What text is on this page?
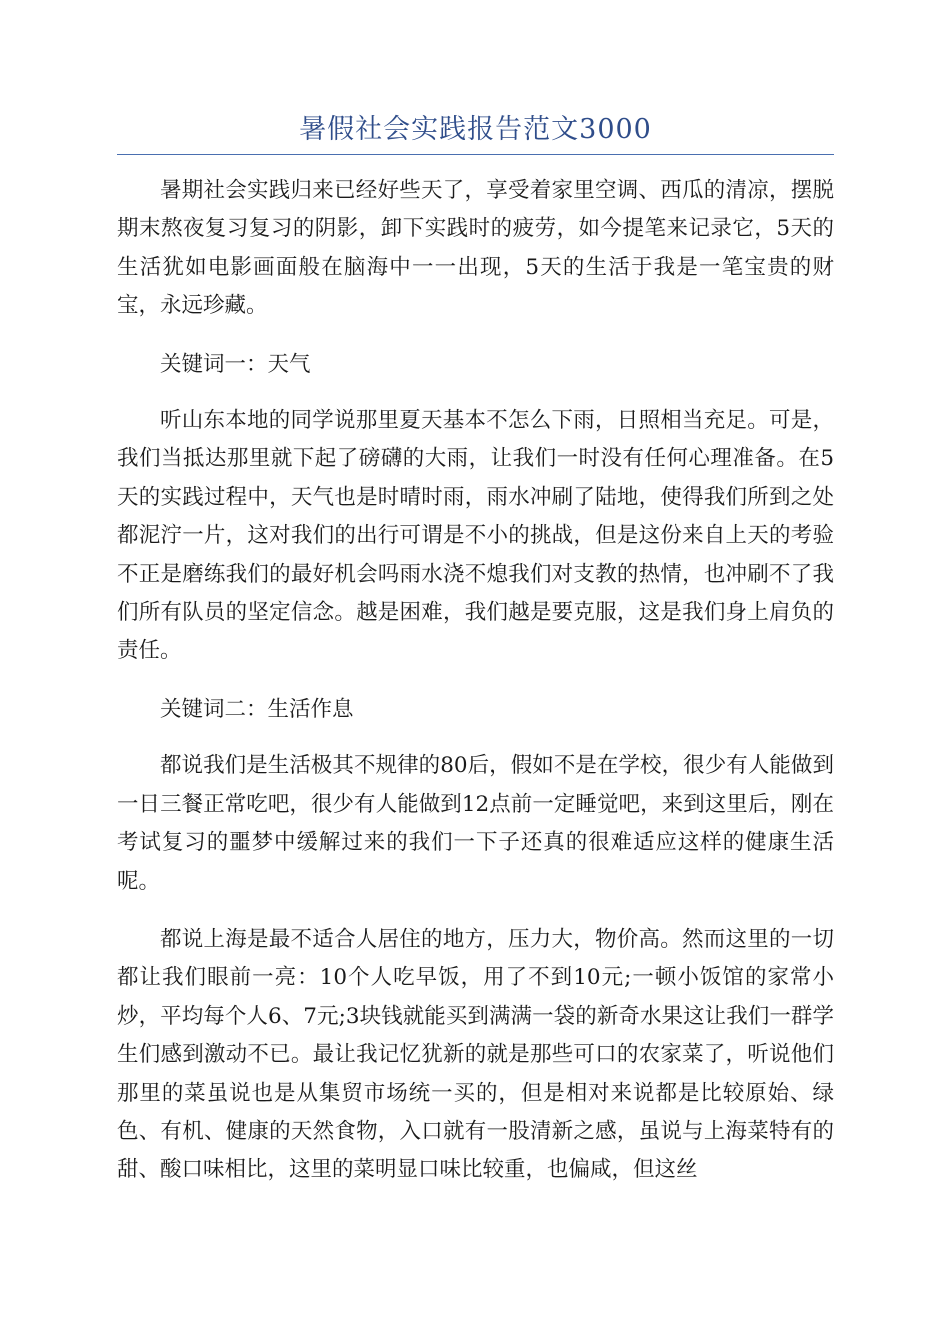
暑假社会实践报告范文3000

暑期社会实践归来已经好些天了，享受着家里空调、西瓜的清凉，摆脱期末熬夜复习复习的阴影，卸下实践时的疲劳，如今提笔来记录它，5天的生活犹如电影画面般在脑海中一一出现，5天的生活于我是一笔宝贵的财宝，永远珍藏。

关键词一：天气

听山东本地的同学说那里夏天基本不怎么下雨，日照相当充足。可是，我们当抵达那里就下起了磅礴的大雨，让我们一时没有任何心理准备。在5天的实践过程中，天气也是时晴时雨，雨水冲刷了陆地，使得我们所到之处都泥泞一片，这对我们的出行可谓是不小的挑战，但是这份来自上天的考验不正是磨练我们的最好机会吗雨水浇不熄我们对支教的热情，也冲刷不了我们所有队员的坚定信念。越是困难，我们越是要克服，这是我们身上肩负的责任。

关键词二：生活作息

都说我们是生活极其不规律的80后，假如不是在学校，很少有人能做到一日三餐正常吃吧，很少有人能做到12点前一定睡觉吧，来到这里后，刚在考试复习的噩梦中缓解过来的我们一下子还真的很难适应这样的健康生活呢。

都说上海是最不适合人居住的地方，压力大，物价高。然而这里的一切都让我们眼前一亮：10个人吃早饭，用了不到10元;一顿小饭馆的家常小炒，平均每个人6、7元;3块钱就能买到满满一袋的新奇水果这让我们一群学生们感到激动不已。最让我记忆犹新的就是那些可口的农家菜了，听说他们那里的菜虽说也是从集贸市场统一买的，但是相对来说都是比较原始、绿色、有机、健康的天然食物，入口就有一股清新之感，虽说与上海菜特有的甜、酸口味相比，这里的菜明显口味比较重，也偏咸，但这丝
